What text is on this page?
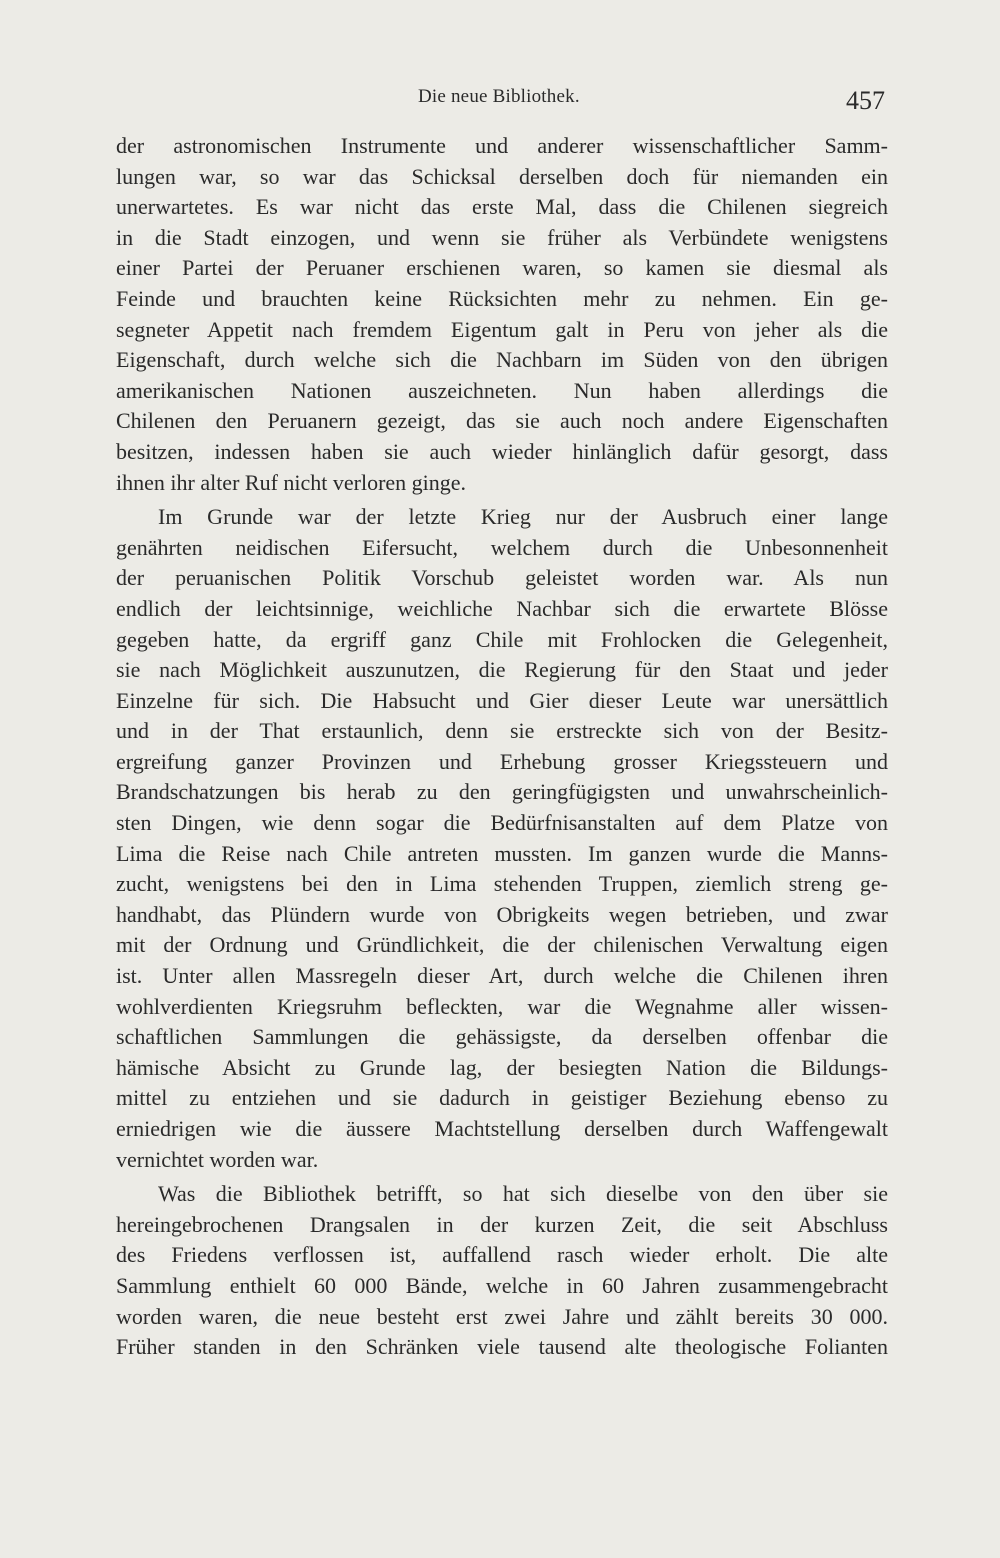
Die neue Bibliothek.	457
der astronomischen Instrumente und anderer wissenschaftlicher Samm-
lungen war, so war das Schicksal derselben doch für niemanden ein
unerwartetes. Es war nicht das erste Mal, dass die Chilenen siegreich
in die Stadt einzogen, und wenn sie früher als Verbündete wenigstens
einer Partei der Peruaner erschienen waren, so kamen sie diesmal als
Feinde und brauchten keine Rücksichten mehr zu nehmen. Ein ge-
segneter Appetit nach fremdem Eigentum galt in Peru von jeher als die
Eigenschaft, durch welche sich die Nachbarn im Süden von den übrigen
amerikanischen Nationen auszeichneten. Nun haben allerdings die
Chilenen den Peruanern gezeigt, das sie auch noch andere Eigenschaften
besitzen, indessen haben sie auch wieder hinlänglich dafür gesorgt, dass
ihnen ihr alter Ruf nicht verloren ginge.
Im Grunde war der letzte Krieg nur der Ausbruch einer lange
genährten neidischen Eifersucht, welchem durch die Unbesonnenheit
der peruanischen Politik Vorschub geleistet worden war. Als nun
endlich der leichtsinnige, weichliche Nachbar sich die erwartete Blösse
gegeben hatte, da ergriff ganz Chile mit Frohlocken die Gelegenheit,
sie nach Möglichkeit auszunutzen, die Regierung für den Staat und jeder
Einzelne für sich. Die Habsucht und Gier dieser Leute war unersättlich
und in der That erstaunlich, denn sie erstreckte sich von der Besitz-
ergreifung ganzer Provinzen und Erhebung grosser Kriegssteuern und
Brandschatzungen bis herab zu den geringfügigsten und unwahrscheinlich-
sten Dingen, wie denn sogar die Bedürfnisanstalten auf dem Platze von
Lima die Reise nach Chile antreten mussten. Im ganzen wurde die Manns-
zucht, wenigstens bei den in Lima stehenden Truppen, ziemlich streng ge-
handhabt, das Plündern wurde von Obrigkeits wegen betrieben, und zwar
mit der Ordnung und Gründlichkeit, die der chilenischen Verwaltung eigen
ist. Unter allen Massregeln dieser Art, durch welche die Chilenen ihren
wohlverdienten Kriegsruhm befleckten, war die Wegnahme aller wissen-
schaftlichen Sammlungen die gehässigste, da derselben offenbar die
hämische Absicht zu Grunde lag, der besiegten Nation die Bildungs-
mittel zu entziehen und sie dadurch in geistiger Beziehung ebenso zu
erniedrigen wie die äussere Machtstellung derselben durch Waffengewalt
vernichtet worden war.
Was die Bibliothek betrifft, so hat sich dieselbe von den über sie
hereingebrochenen Drangsalen in der kurzen Zeit, die seit Abschluss
des Friedens verflossen ist, auffallend rasch wieder erholt. Die alte
Sammlung enthielt 60 000 Bände, welche in 60 Jahren zusammengebracht
worden waren, die neue besteht erst zwei Jahre und zählt bereits 30 000.
Früher standen in den Schränken viele tausend alte theologische Folianten
